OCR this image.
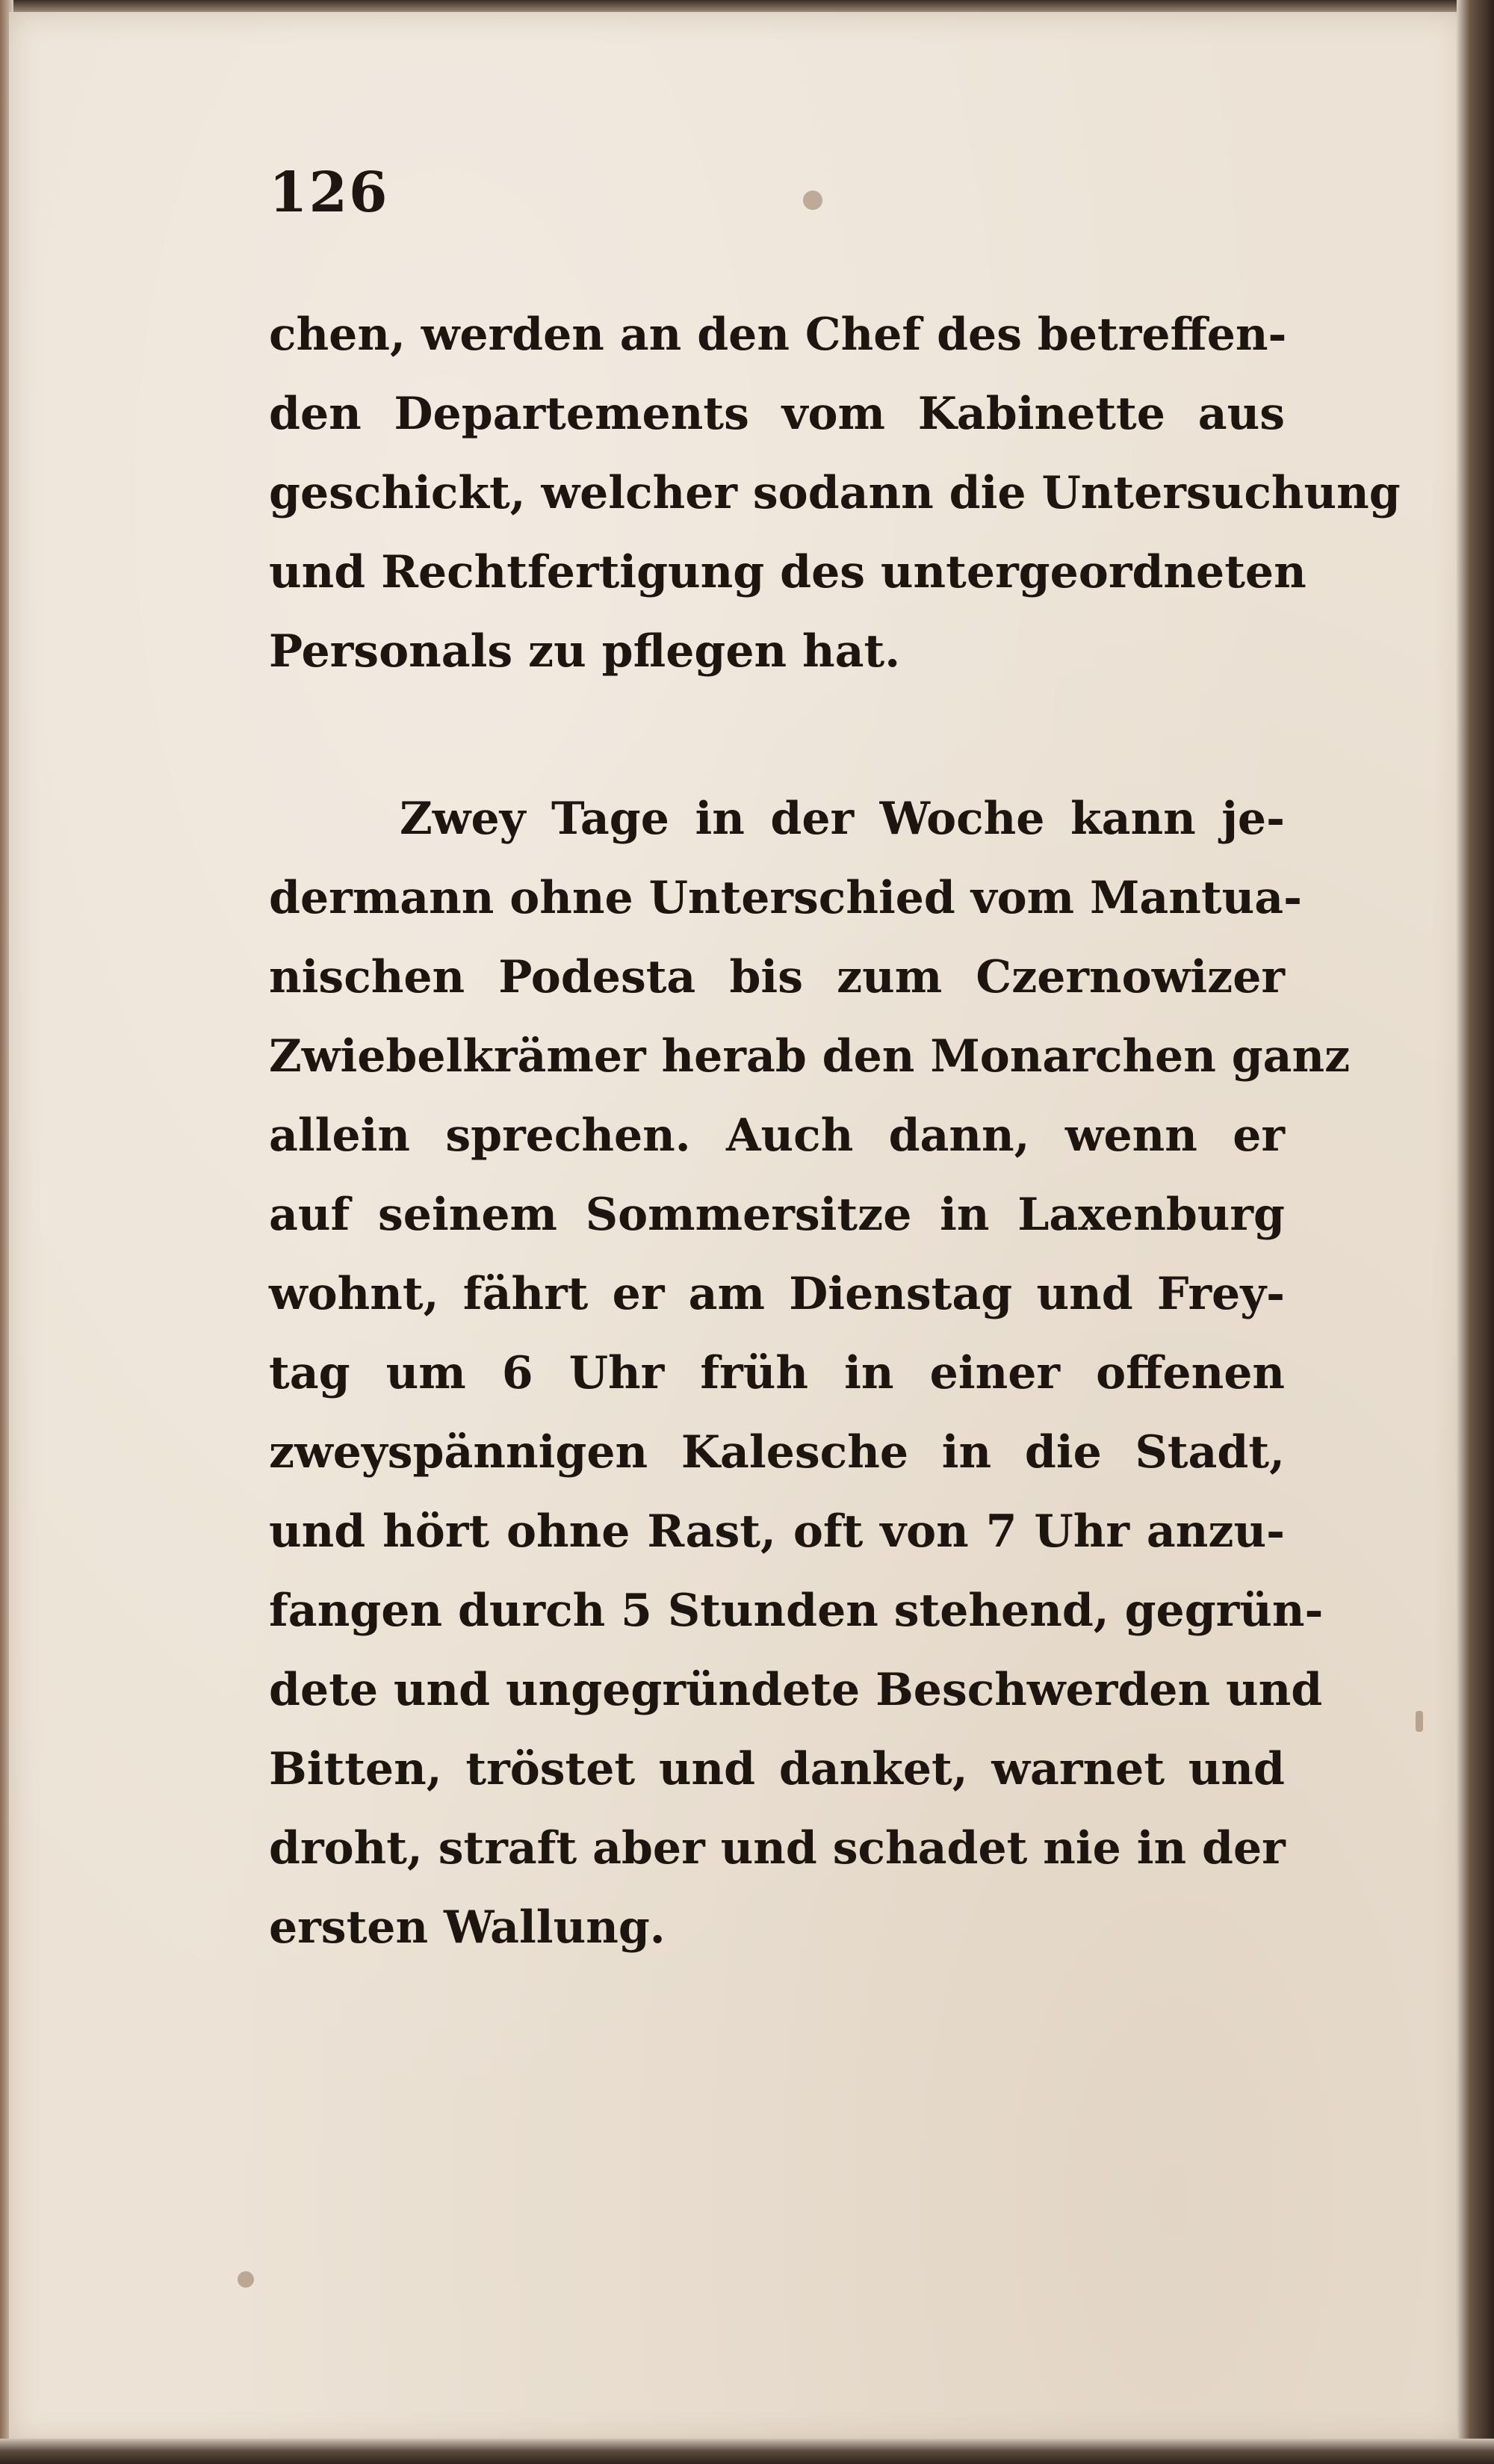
126
chen, werden an den Chef des betreffen-
den Departements vom Kabinette aus
geschickt, welcher sodann die Untersuchung
und Rechtfertigung des untergeordneten
Personals zu pflegen hat.
Zwey Tage in der Woche kann je-
dermann ohne Unterschied vom Mantua-
nischen Podesta bis zum Czernowizer
Zwiebelkrämer herab den Monarchen ganz
allein sprechen. Auch dann, wenn er
auf seinem Sommersitze in Laxenburg
wohnt, fährt er am Dienstag und Frey-
tag um 6 Uhr früh in einer offenen
zweyspännigen Kalesche in die Stadt,
und hört ohne Rast, oft von 7 Uhr anzu-
fangen durch 5 Stunden stehend, gegrün-
dete und ungegründete Beschwerden und
Bitten, tröstet und danket, warnet und
droht, straft aber und schadet nie in der
ersten Wallung.
